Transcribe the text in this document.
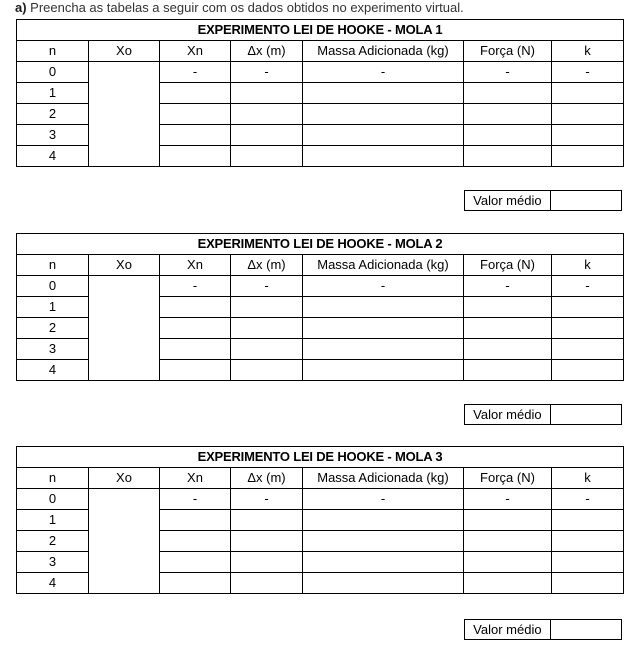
a) Preencha as tabelas a seguir com os dados obtidos no experimento virtual.
EXPERIMENTO LEI DE HOOKE - MOLA 1						
n	Xo	Xn	Δx (m)	Massa Adicionada (kg)	Força (N)	k
0		-	-	-	-	-
1						
2						
3						
4						
Valor médio	
EXPERIMENTO LEI DE HOOKE - MOLA 2						
n	Xo	Xn	Δx (m)	Massa Adicionada (kg)	Força (N)	k
0		-	-	-	-	-
1						
2						
3						
4						
Valor médio	
EXPERIMENTO LEI DE HOOKE - MOLA 3						
n	Xo	Xn	Δx (m)	Massa Adicionada (kg)	Força (N)	k
0		-	-	-	-	-
1						
2						
3						
4						
Valor médio	
